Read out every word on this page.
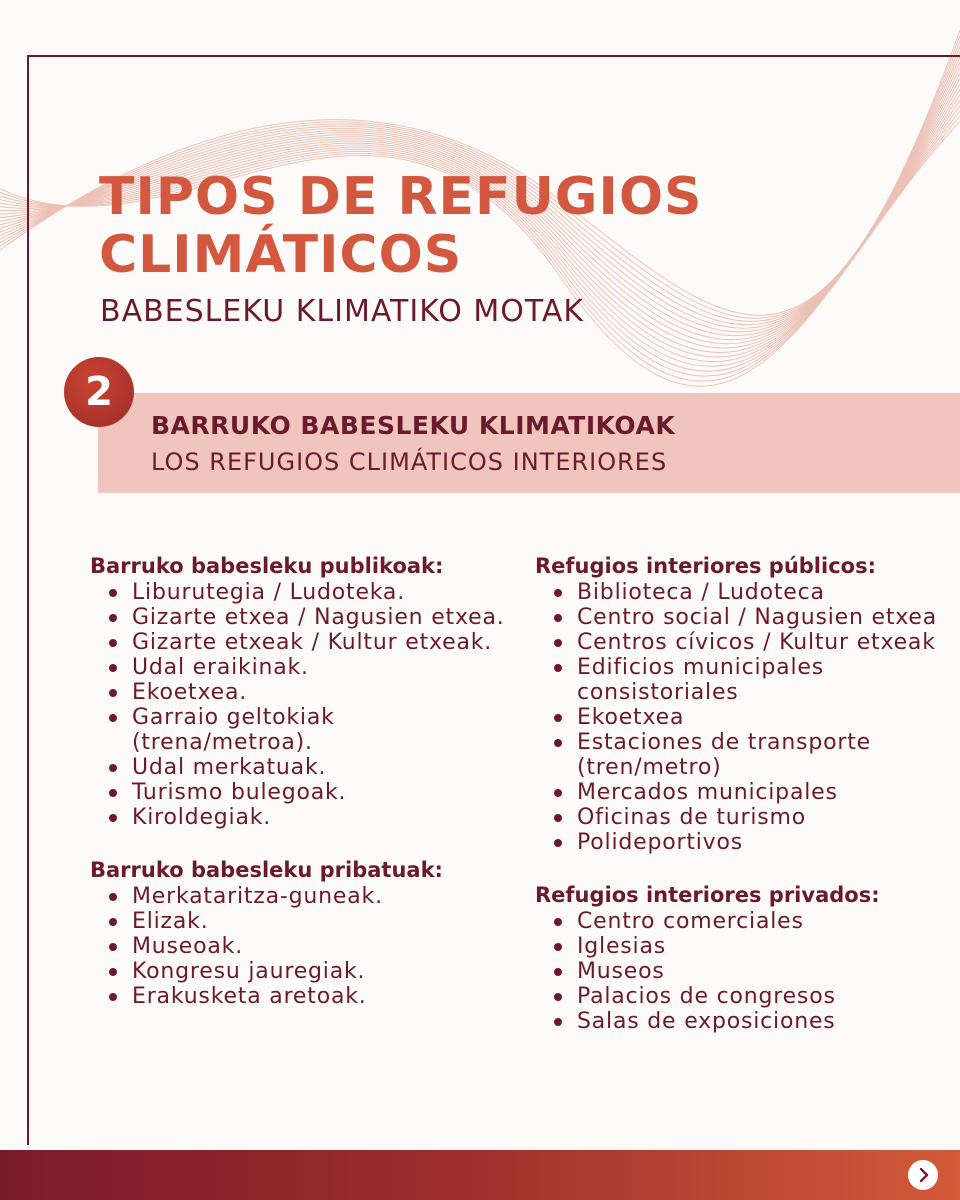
TIPOS DE REFUGIOS
CLIMÁTICOS
BABESLEKU KLIMATIKO MOTAK
2
BARRUKO BABESLEKU KLIMATIKOAK
LOS REFUGIOS CLIMÁTICOS INTERIORES
Barruko babesleku publikoak:
Liburutegia / Ludoteka.
Gizarte etxea / Nagusien etxea.
Gizarte etxeak / Kultur etxeak.
Udal eraikinak.
Ekoetxea.
Garraio geltokiak (trena/metroa).
Udal merkatuak.
Turismo bulegoak.
Kiroldegiak.
Barruko babesleku pribatuak:
Merkataritza-guneak.
Elizak.
Museoak.
Kongresu jauregiak.
Erakusketa aretoak.
Refugios interiores públicos:
Biblioteca / Ludoteca
Centro social / Nagusien etxea
Centros cívicos / Kultur etxeak
Edificios municipales consistoriales
Ekoetxea
Estaciones de transporte (tren/metro)
Mercados municipales
Oficinas de turismo
Polideportivos
Refugios interiores privados:
Centro comerciales
Iglesias
Museos
Palacios de congresos
Salas de exposiciones
